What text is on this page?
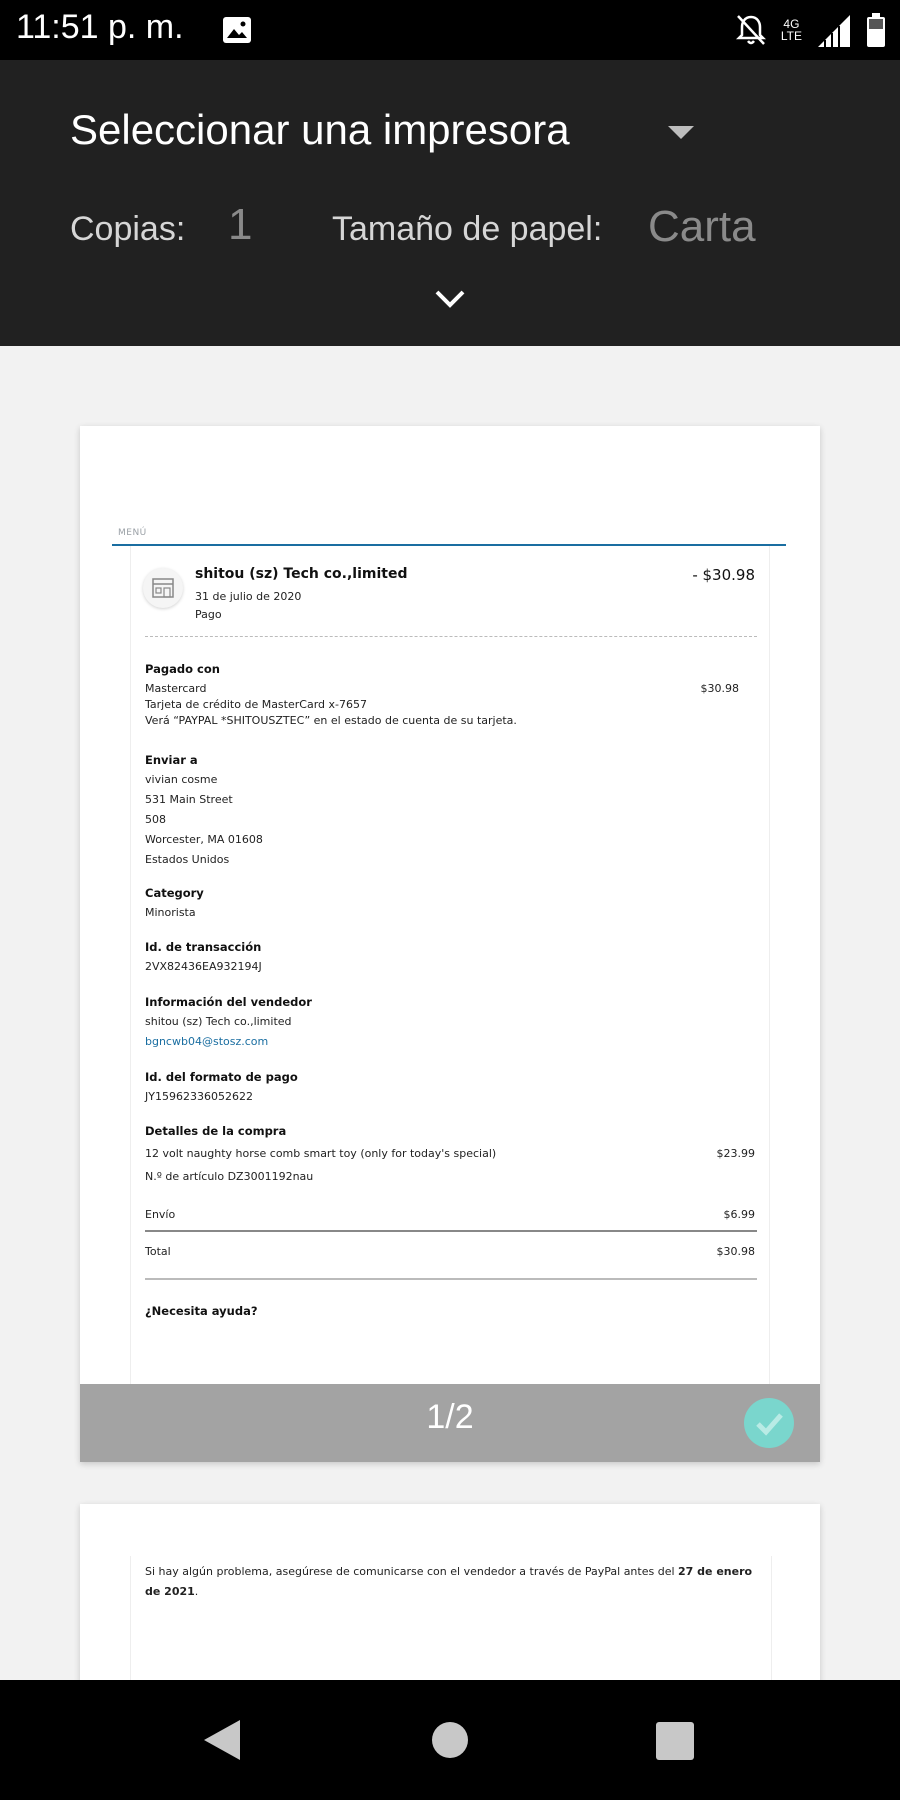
11:51 p. m.	4G
LTE
Seleccionar una impresora
Copias: 1 Tamaño de papel: Carta
MENÚ
shitou (sz) Tech co.,limited
31 de julio de 2020
Pago
- $30.98
Pagado con
Mastercard	$30.98
Tarjeta de crédito de MasterCard x-7657
Verá “PAYPAL *SHITOUSZTEC” en el estado de cuenta de su tarjeta.
Enviar a
vivian cosme
531 Main Street
508
Worcester, MA 01608
Estados Unidos
Category
Minorista
Id. de transacción
2VX82436EA932194J
Información del vendedor
shitou (sz) Tech co.,limited
bgncwb04@stosz.com
Id. del formato de pago
JY15962336052622
Detalles de la compra
12 volt naughty horse comb smart toy (only for today's special)	$23.99
N.º de artículo DZ3001192nau
Envío	$6.99
Total	$30.98
¿Necesita ayuda?
1/2
Si hay algún problema, asegúrese de comunicarse con el vendedor a través de PayPal antes del 27 de enero de 2021.
